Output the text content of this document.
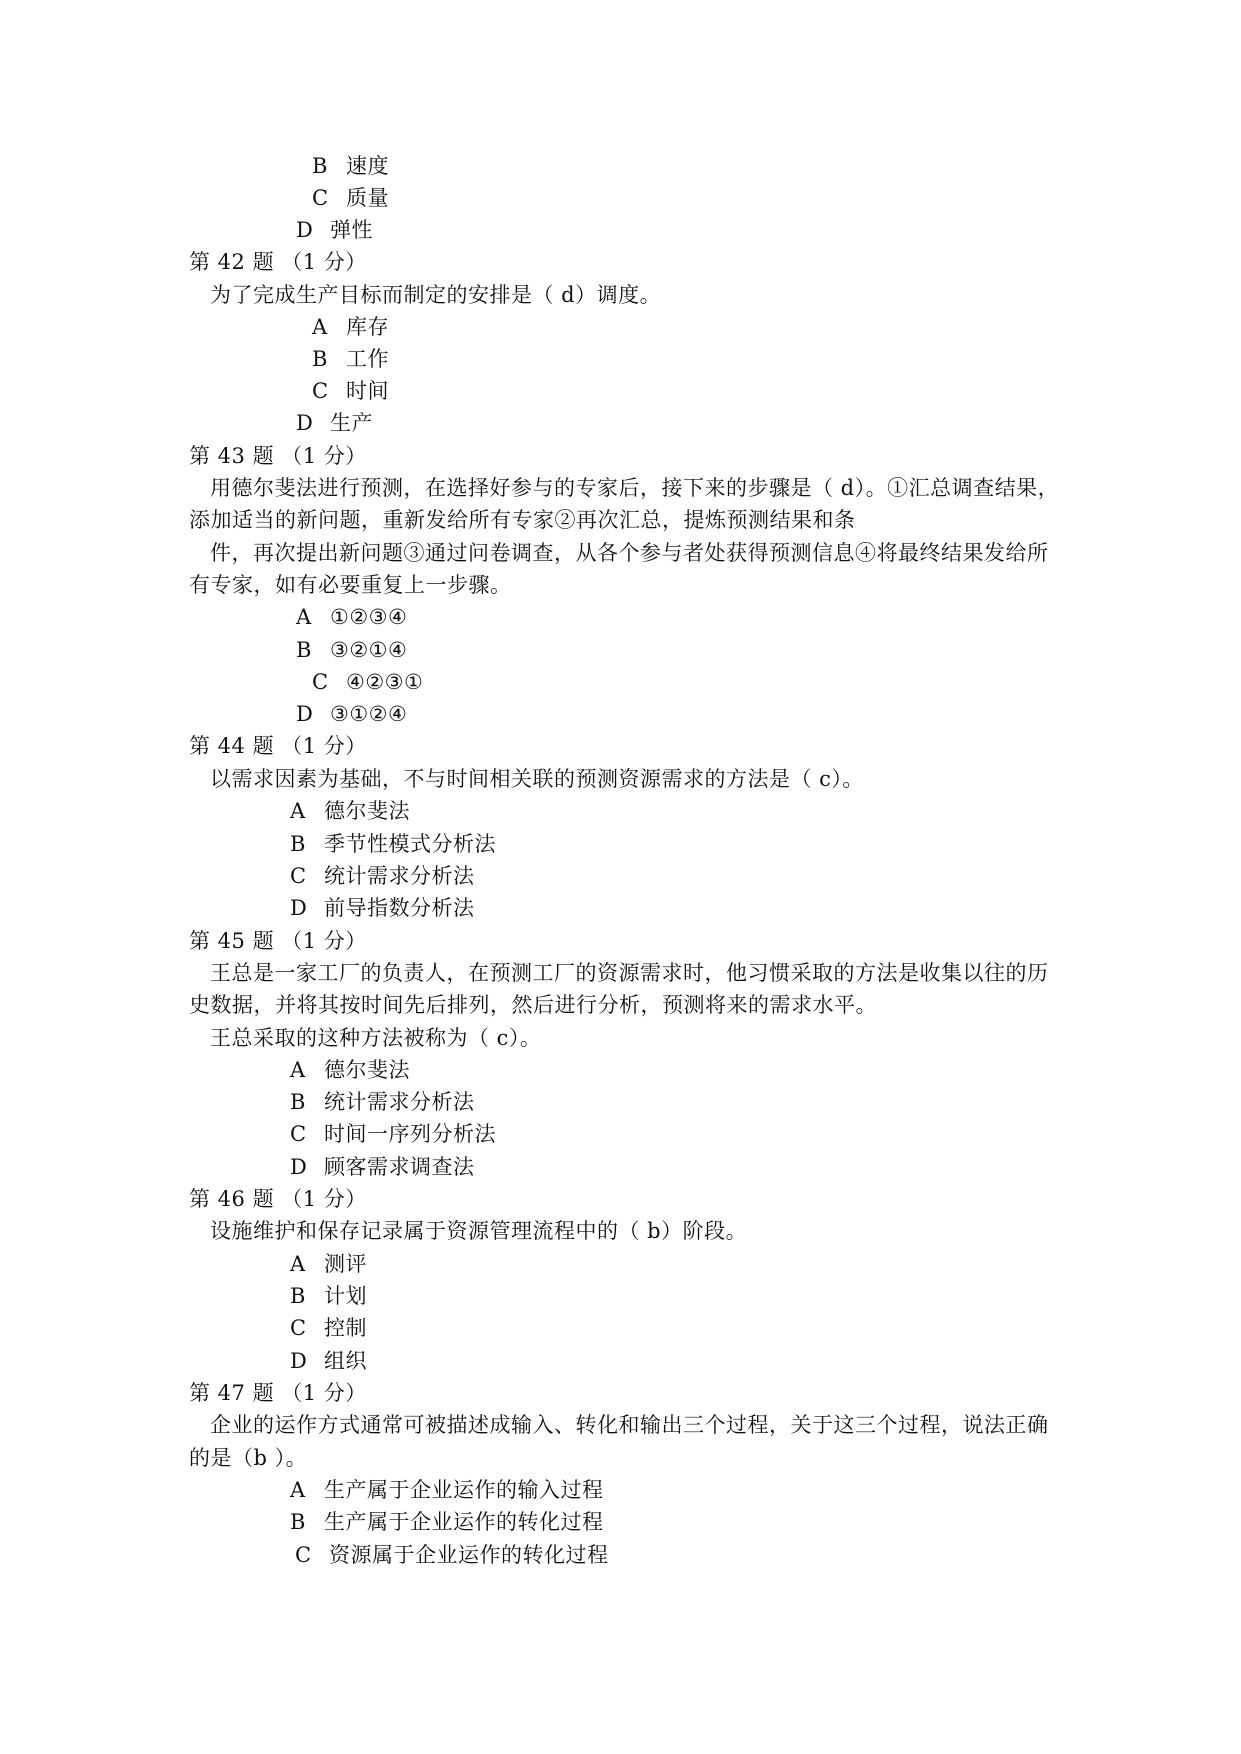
B 速度
C 质量
D 弹性
第 42 题 （1 分）
为了完成生产目标而制定的安排是（ d）调度。
A 库存
B 工作
C 时间
D 生产
第 43 题 （1 分）
用德尔斐法进行预测，在选择好参与的专家后，接下来的步骤是（ d）。①汇总调查结果，
添加适当的新问题，重新发给所有专家②再次汇总，提炼预测结果和条
件，再次提出新问题③通过问卷调查，从各个参与者处获得预测信息④将最终结果发给所
有专家，如有必要重复上一步骤。
A ①②③④
B ③②①④
C ④②③①
D ③①②④
第 44 题 （1 分）
以需求因素为基础，不与时间相关联的预测资源需求的方法是（ c）。
A 德尔斐法
B 季节性模式分析法
C 统计需求分析法
D 前导指数分析法
第 45 题 （1 分）
王总是一家工厂的负责人，在预测工厂的资源需求时，他习惯采取的方法是收集以往的历
史数据，并将其按时间先后排列，然后进行分析，预测将来的需求水平。
王总采取的这种方法被称为（ c）。
A 德尔斐法
B 统计需求分析法
C 时间一序列分析法
D 顾客需求调查法
第 46 题 （1 分）
设施维护和保存记录属于资源管理流程中的（ b）阶段。
A 测评
B 计划
C 控制
D 组织
第 47 题 （1 分）
企业的运作方式通常可被描述成输入、转化和输出三个过程，关于这三个过程，说法正确
的是（b ）。
A 生产属于企业运作的输入过程
B 生产属于企业运作的转化过程
C 资源属于企业运作的转化过程
